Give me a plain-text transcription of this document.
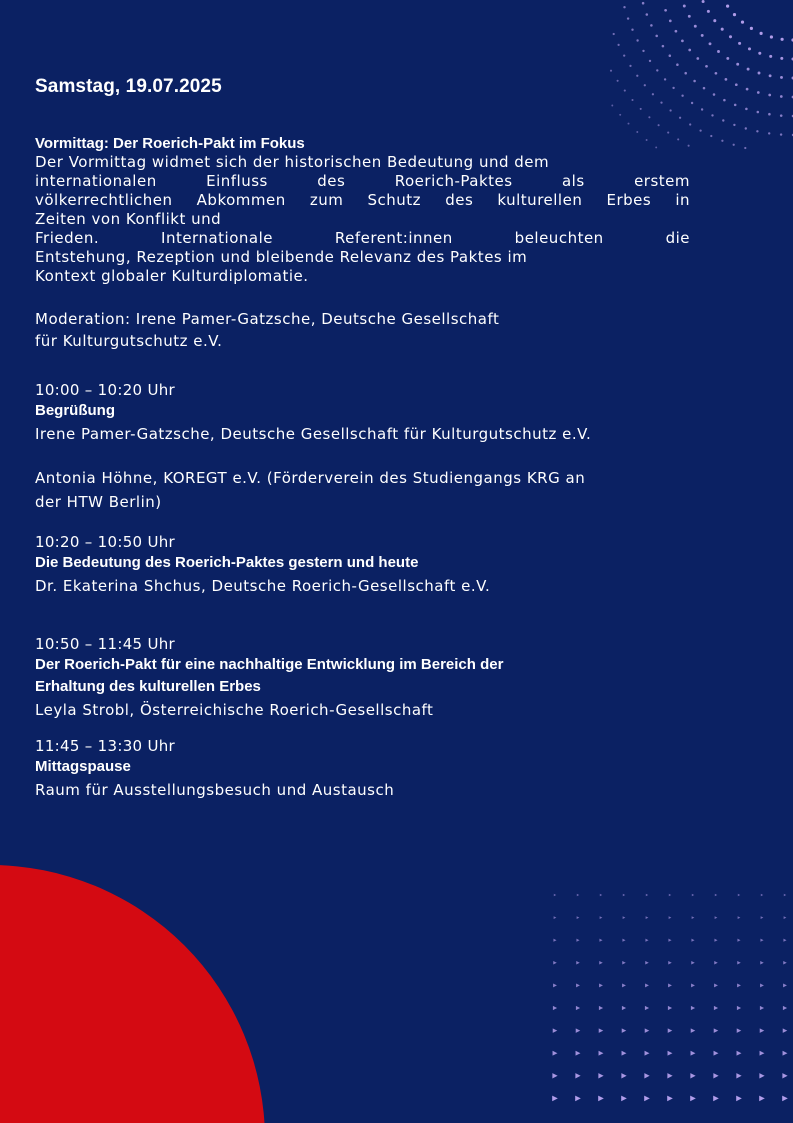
Samstag, 19.07.2025
Vormittag: Der Roerich-Pakt im Fokus
Der Vormittag widmet sich der historischen Bedeutung und dem
internationalen Einfluss des Roerich-Paktes als erstem
völkerrechtlichen Abkommen zum Schutz des kulturellen Erbes in
Zeiten von Konflikt und
Frieden. Internationale Referent:innen beleuchten die
Entstehung, Rezeption und bleibende Relevanz des Paktes im
Kontext globaler Kulturdiplomatie.
Moderation: Irene Pamer-Gatzsche, Deutsche Gesellschaft
für Kulturgutschutz e.V.
10:00 – 10:20 Uhr
Begrüßung
Irene Pamer-Gatzsche, Deutsche Gesellschaft für Kulturgutschutz e.V.
Antonia Höhne, KOREGT e.V. (Förderverein des Studiengangs KRG an
der HTW Berlin)
10:20 – 10:50 Uhr
Die Bedeutung des Roerich-Paktes gestern und heute
Dr. Ekaterina Shchus, Deutsche Roerich-Gesellschaft e.V.
10:50 – 11:45 Uhr
Der Roerich-Pakt für eine nachhaltige Entwicklung im Bereich der
Erhaltung des kulturellen Erbes
Leyla Strobl, Österreichische Roerich-Gesellschaft
11:45 – 13:30 Uhr
Mittagspause
Raum für Ausstellungsbesuch und Austausch
